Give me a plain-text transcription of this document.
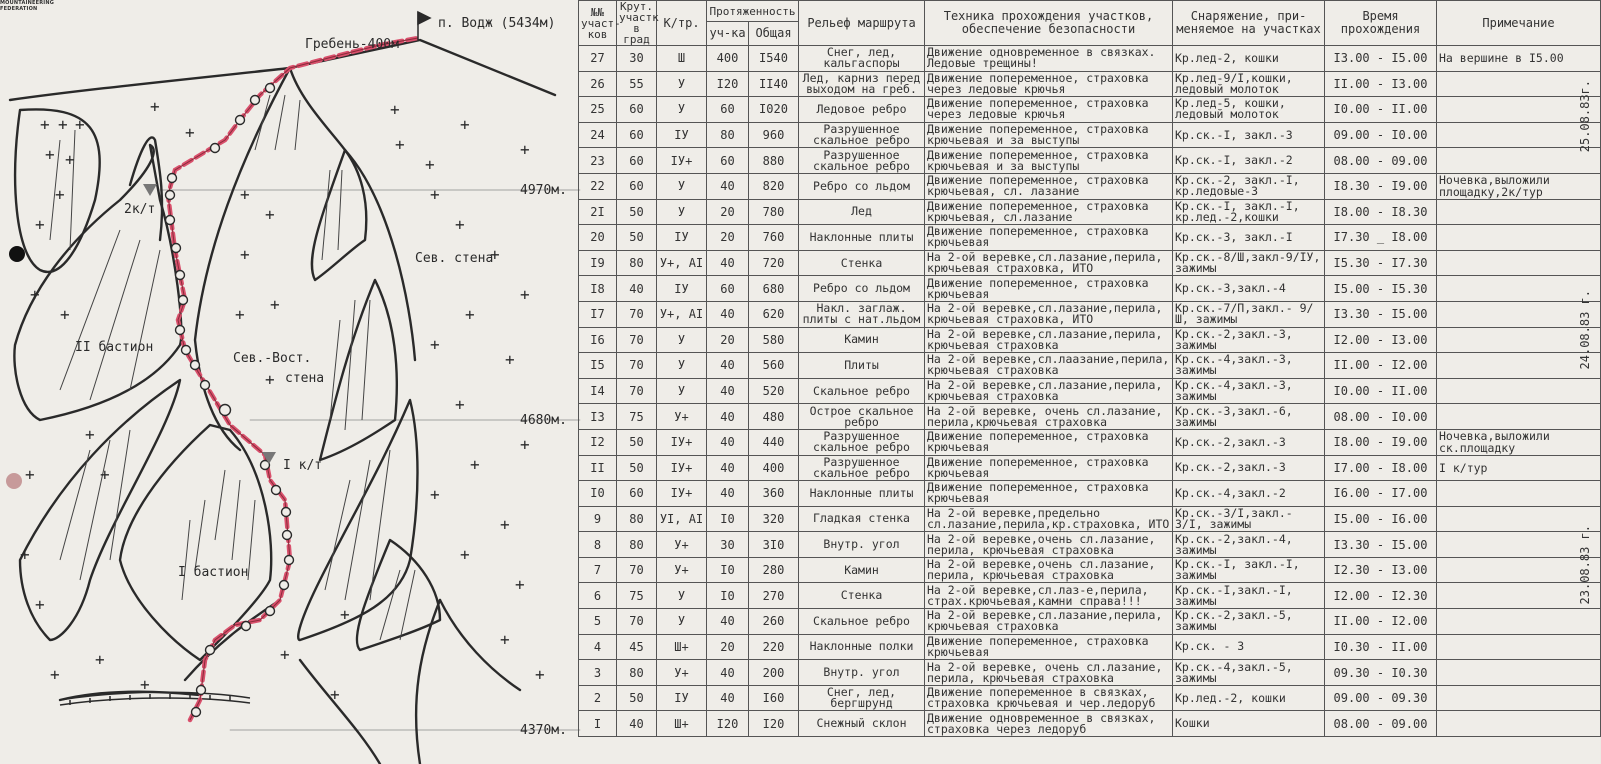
MOUNTAINEERING
FEDERATION
+ + +
+ +
+
+
+
+
+
+
+
+
+
+
+
+
+
+
+
+
+
+
+
+
+
+
+
+
+
+
+
+
+
+
+
+
+
+
+
+
+
+
+
+
+
+
+
+
п. Водж (5434м)
Гребень-400м
Сев. стена
Сев.-Вост.
стена
II бастион
I бастион
2к/т
I к/т
4970м.
4680м.
4370м.
№№ участ-ков	Крут. участк в град	К/тр.	Протяженность		Рельеф маршрута	Техника прохождения участков, обеспечение безопасности	Снаряжение, при-меняемое на участках	Время прохождения	Примечание
			уч-ка	Общая					
27	30	Ш	400	I540	Снег, лед, кальгаспоры	Движение одновременное в связках. Ледовые трещины!	Кр.лед-2, кошки	I3.00 - I5.00	На вершине в I5.00
26	55	У	I20	II40	Лед, карниз перед выходом на греб.	Движение попеременное, страховка через ледовые крючья	Кр.лед-9/I,кошки, ледовый молоток	II.00 - I3.00	
25	60	У	60	I020	Ледовое ребро	Движение попеременное, страховка через ледовые крючья	Кр.лед-5, кошки, ледовый молоток	I0.00 - II.00	
24	60	IУ	80	960	Разрушенное скальное ребро	Движение попеременное, страховка крючьевая и за выступы	Кр.ск.-I, закл.-3	09.00 - I0.00	
23	60	IУ+	60	880	Разрушенное скальное ребро	Движение попеременное, страховка крючьевая и за выступы	Кр.ск.-I, закл.-2	08.00 - 09.00	
22	60	У	40	820	Ребро со льдом	Движение попеременное, страховка крючьевая, сл. лазание	Кр.ск.-2, закл.-I, кр.ледовые-3	I8.30 - I9.00	Ночевка,выложили площадку,2к/тур
2I	50	У	20	780	Лед	Движение попеременное, страховка крючьевая, сл.лазание	Кр.ск.-I, закл.-I, кр.лед.-2,кошки	I8.00 - I8.30	
20	50	IУ	20	760	Наклонные плиты	Движение попеременное, страховка крючьевая	Кр.ск.-3, закл.-I	I7.30 _ I8.00	
I9	80	У+, AI	40	720	Стенка	На 2-ой веревке,сл.лазание,перила, крючьевая страховка, ИТО	Кр.ск.-8/Ш,закл-9/IУ, зажимы	I5.30 - I7.30	
I8	40	IУ	60	680	Ребро со льдом	Движение попеременное, страховка крючьевая	Кр.ск.-3,закл.-4	I5.00 - I5.30	
I7	70	У+, AI	40	620	Накл. заглаж. плиты с нат.льдом	На 2-ой веревке,сл.лазание,перила, крючьевая страховка, ИТО	Кр.ск.-7/П,закл.- 9/Ш, зажимы	I3.30 - I5.00	
I6	70	У	20	580	Камин	На 2-ой веревке,сл.лазание,перила, крючьевая страховка	Кр.ск.-2,закл.-3, зажимы	I2.00 - I3.00	
I5	70	У	40	560	Плиты	На 2-ой веревке,сл.лаазание,перила, крючьевая страховка	Кр.ск.-4,закл.-3, зажимы	II.00 - I2.00	
I4	70	У	40	520	Скальное ребро	На 2-ой веревке,сл.лазание,перила, крючьевая страховка	Кр.ск.-4,закл.-3, зажимы	I0.00 - II.00	
I3	75	У+	40	480	Острое скальное ребро	На 2-ой веревке, очень сл.лазание, перила,крючьевая страховка	Кр.ск.-3,закл.-6, зажимы	08.00 - I0.00	
I2	50	IУ+	40	440	Разрушенное скальное ребро	Движение попеременное, страховка крючьевая	Кр.ск.-2,закл.-3	I8.00 - I9.00	Ночевка,выложили ск.площадку
II	50	IУ+	40	400	Разрушенное скальное ребро	Движение попеременное, страховка крючьевая	Кр.ск.-2,закл.-3	I7.00 - I8.00	I к/тур
I0	60	IУ+	40	360	Наклонные плиты	Движение попеременное, страховка крючьевая	Кр.ск.-4,закл.-2	I6.00 - I7.00	
9	80	УI, AI	I0	320	Гладкая стенка	На 2-ой веревке,предельно сл.лазание,перила,кр.страховка, ИТО	Кр.ск.-3/I,закл.- 3/I, зажимы	I5.00 - I6.00	
8	80	У+	30	3I0	Внутр. угол	На 2-ой веревке,очень сл.лазание, перила, крючьевая страховка	Кр.ск.-2,закл.-4, зажимы	I3.30 - I5.00	
7	70	У+	I0	280	Камин	На 2-ой веревке,очень сл.лазание, перила, крючьевая страховка	Кр.ск.-I, закл.-I, зажимы	I2.30 - I3.00	
6	75	У	I0	270	Стенка	На 2-ой веревке,сл.лаз-е,перила, страх.крючьевая,камни справа!!!	Кр.ск.-I,закл.-I, зажимы	I2.00 - I2.30	
5	70	У	40	260	Скальное ребро	На 2-ой веревке,сл.лазание,перила, крючьевая страховка	Кр.ск.-2,закл.-5, зажимы	II.00 - I2.00	
4	45	Ш+	20	220	Наклонные полки	Движение попеременное, страховка крючьевая	Кр.ск. - 3	I0.30 - II.00	
3	80	У+	40	200	Внутр. угол	На 2-ой веревке, очень сл.лазание, перила, крючьевая страховка	Кр.ск.-4,закл.-5, зажимы	09.30 - I0.30	
2	50	IУ	40	I60	Снег, лед, бергшрунд	Движение попеременное в связках, страховка крючьевая и чер.ледоруб	Кр.лед.-2, кошки	09.00 - 09.30	
I	40	Ш+	I20	I20	Снежный склон	Движение одновременное в связках, страховка через ледоруб	Кошки	08.00 - 09.00	
25.08.83г.
24.08.83 г.
23.08.83 г.
